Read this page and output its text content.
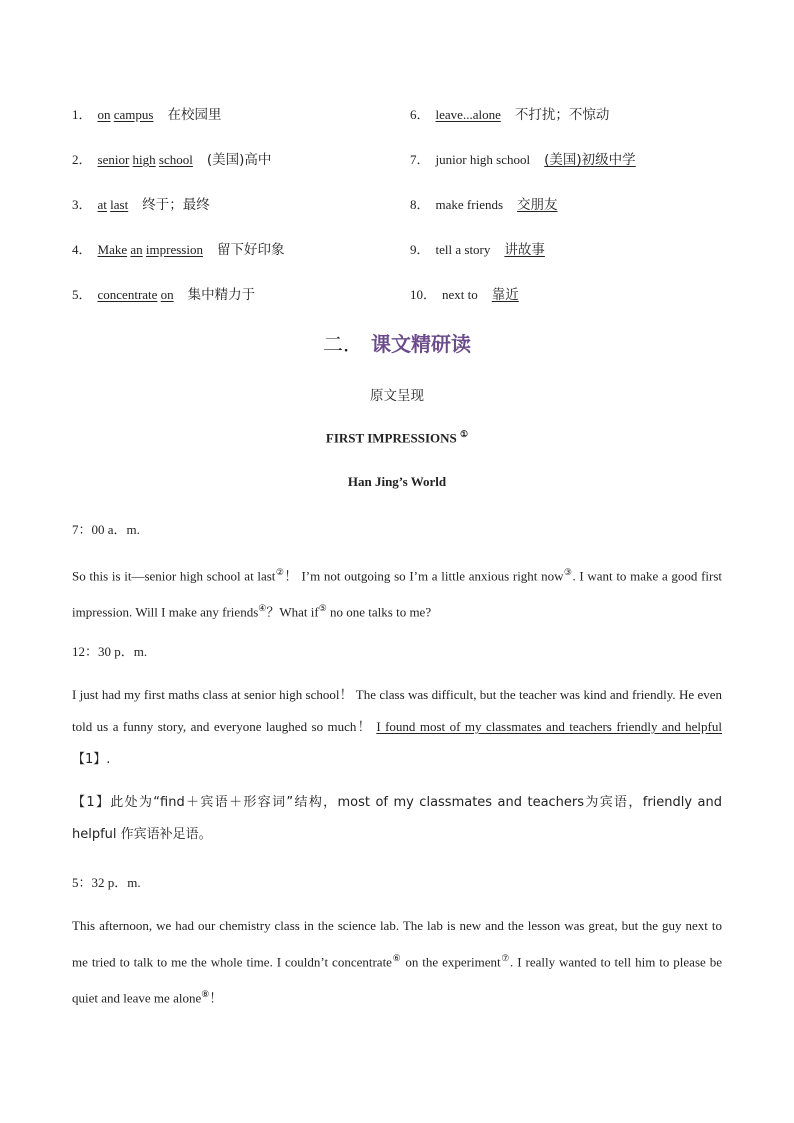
1． on campus 在校园里
2． senior high school (美国)高中
3． at last 终于；最终
4． Make an impression 留下好印象
5． concentrate on 集中精力于
6． leave...alone 不打扰；不惊动
7． junior high school (美国)初级中学
8． make friends 交朋友
9． tell a story 讲故事
10． next to 靠近
二． 课文精研读
原文呈现
FIRST IMPRESSIONS ①
Han Jing’s World
7：00 a．m.
So this is it—senior high school at last②！ I’m not outgoing so I’m a little anxious right now③. I want to make a good first impression. Will I make any friends④？What if⑤ no one talks to me?
12：30 p．m.
I just had my first maths class at senior high school！ The class was difficult, but the teacher was kind and friendly. He even told us a funny story, and everyone laughed so much！ I found most of my classmates and teachers friendly and helpful【1】.
【1】此处为“find＋宾语＋形容词”结构，most of my classmates and teachers为宾语，friendly and helpful 作宾语补足语。
5：32 p．m.
This afternoon, we had our chemistry class in the science lab. The lab is new and the lesson was great, but the guy next to me tried to talk to me the whole time. I couldn’t concentrate⑥ on the experiment⑦. I really wanted to tell him to please be quiet and leave me alone⑧！
